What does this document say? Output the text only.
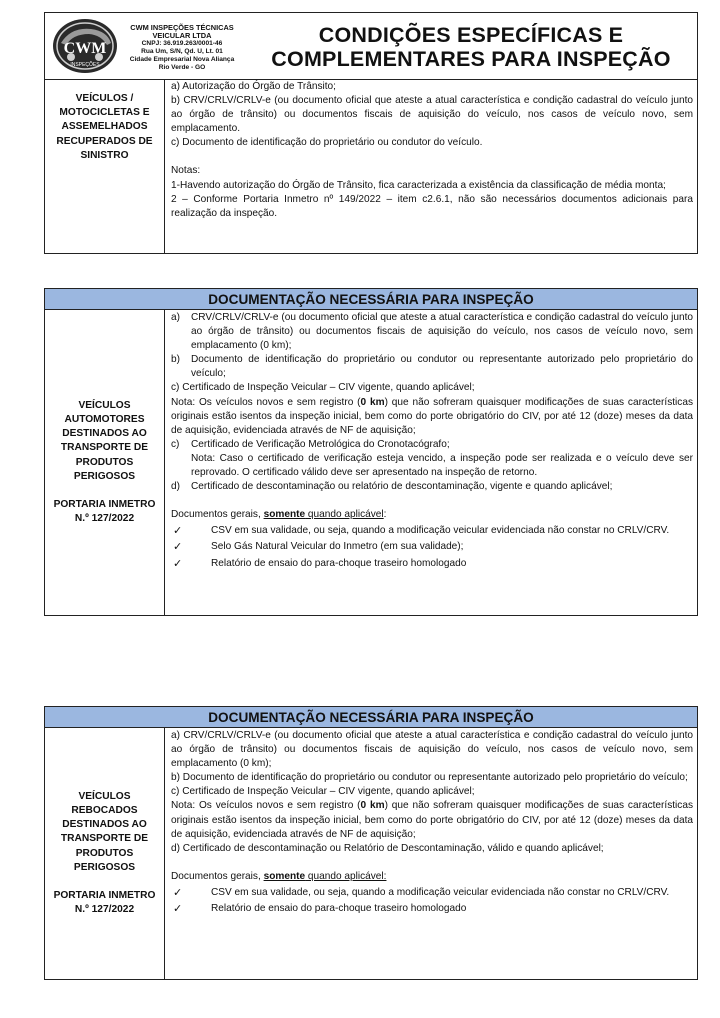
CWM
INSPEÇÕES
CWM INSPEÇÕES TÉCNICAS
VEICULAR LTDA
CNPJ: 36.919.263/0001-46
Rua Um, S/N, Qd. U, Lt. 01
Cidade Empresarial Nova Aliança
Rio Verde - GO
CONDIÇÕES ESPECÍFICAS E
COMPLEMENTARES PARA INSPEÇÃO
VEÍCULOS /
MOTOCICLETAS E
ASSEMELHADOS
RECUPERADOS DE
SINISTRO

a) Autorização do Órgão de Trânsito;

b) CRV/CRLV/CRLV-e (ou documento oficial que ateste a atual característica e condição cadastral do veículo junto ao órgão de trânsito) ou documentos fiscais de aquisição do veículo, nos casos de veículo novo, sem emplacamento.

c) Documento de identificação do proprietário ou condutor do veículo.

Notas:

1-Havendo autorização do Órgão de Trânsito, fica caracterizada a existência da classificação de média monta;

2 – Conforme Portaria Inmetro nº 149/2022 – item c2.6.1, não são necessários documentos adicionais para realização da inspeção.

DOCUMENTAÇÃO NECESSÁRIA PARA INSPEÇÃO
VEÍCULOS
AUTOMOTORES
DESTINADOS AO
TRANSPORTE DE
PRODUTOS
PERIGOSOS
PORTARIA INMETRO
N.º 127/2022
a)	CRV/CRLV/CRLV-e (ou documento oficial que ateste a atual característica e condição cadastral do veículo junto ao órgão de trânsito) ou documentos fiscais de aquisição do veículo, nos casos de veículo novo, sem emplacamento (0 km);
b)	Documento de identificação do proprietário ou condutor ou representante autorizado pelo proprietário do veículo;

c) Certificado de Inspeção Veicular – CIV vigente, quando aplicável;

Nota: Os veículos novos e sem registro (0 km) que não sofreram quaisquer modificações de suas características originais estão isentos da inspeção inicial, bem como do porte obrigatório do CIV, por até 12 (doze) meses da data de aquisição, evidenciada através de NF de aquisição;

c)	Certificado de Verificação Metrológica do Cronotacógrafo;
Nota: Caso o certificado de verificação esteja vencido, a inspeção pode ser realizada e o veículo deve ser reprovado. O certificado válido deve ser apresentado na inspeção de retorno.
d)	Certificado de descontaminação ou relatório de descontaminação, vigente e quando aplicável;

Documentos gerais, somente quando aplicável:

✓	CSV em sua validade, ou seja, quando a modificação veicular evidenciada não constar no CRLV/CRV.
✓	Selo Gás Natural Veicular do Inmetro (em sua validade);
✓	Relatório de ensaio do para-choque traseiro homologado
DOCUMENTAÇÃO NECESSÁRIA PARA INSPEÇÃO
VEÍCULOS
REBOCADOS
DESTINADOS AO
TRANSPORTE DE
PRODUTOS
PERIGOSOS
PORTARIA INMETRO
N.º 127/2022

a) CRV/CRLV/CRLV-e (ou documento oficial que ateste a atual característica e condição cadastral do veículo junto ao órgão de trânsito) ou documentos fiscais de aquisição do veículo, nos casos de veículo novo, sem emplacamento (0 km);

b) Documento de identificação do proprietário ou condutor ou representante autorizado pelo proprietário do veículo;

c) Certificado de Inspeção Veicular – CIV vigente, quando aplicável;

Nota: Os veículos novos e sem registro (0 km) que não sofreram quaisquer modificações de suas características originais estão isentos da inspeção inicial, bem como do porte obrigatório do CIV, por até 12 (doze) meses da data de aquisição, evidenciada através de NF de aquisição;

d) Certificado de descontaminação ou Relatório de Descontaminação, válido e quando aplicável;

Documentos gerais, somente quando aplicável:

✓	CSV em sua validade, ou seja, quando a modificação veicular evidenciada não constar no CRLV/CRV.
✓	Relatório de ensaio do para-choque traseiro homologado
